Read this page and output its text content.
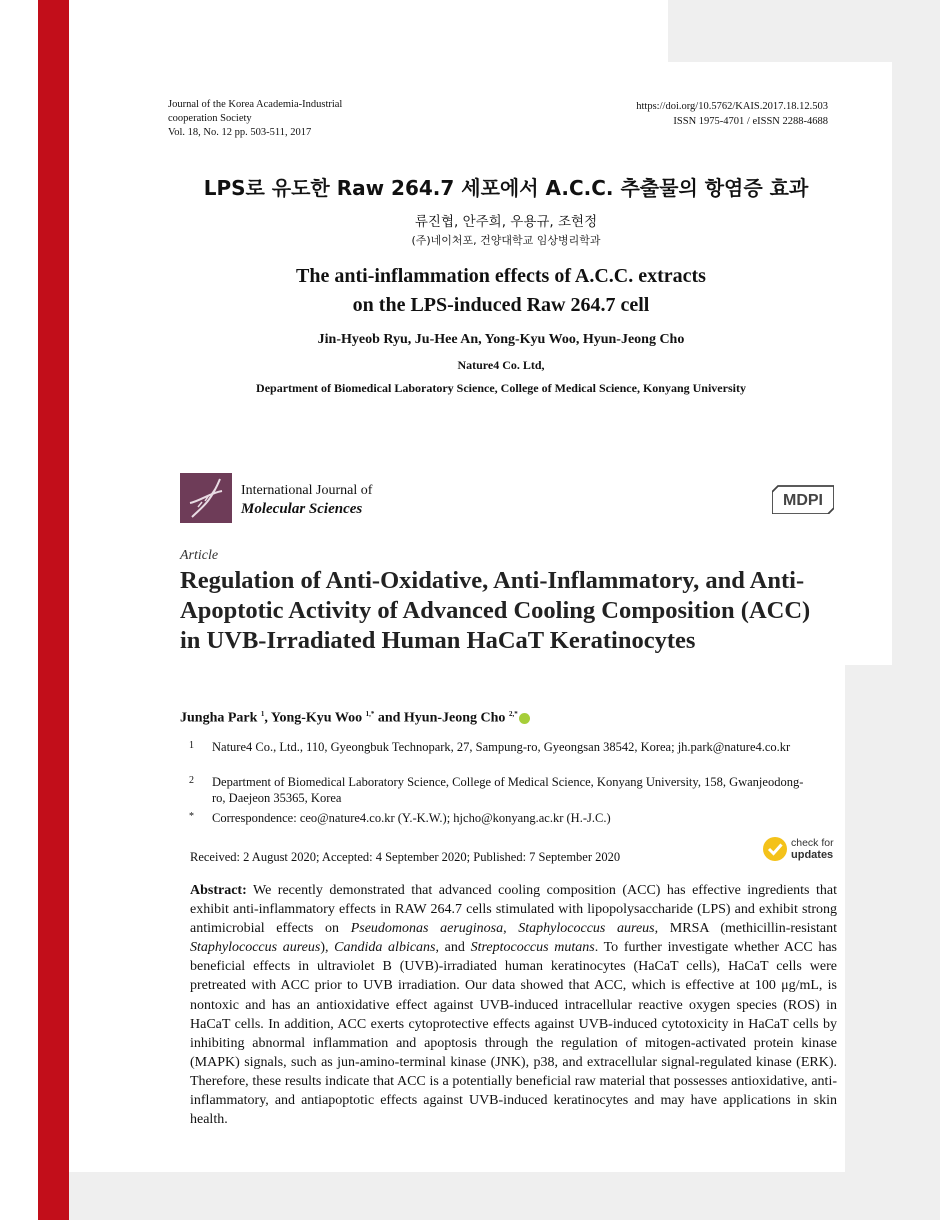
Journal of the Korea Academia-Industrial
cooperation Society
Vol. 18, No. 12 pp. 503-511, 2017
https://doi.org/10.5762/KAIS.2017.18.12.503
ISSN 1975-4701 / eISSN 2288-4688
LPS로 유도한 Raw 264.7 세포에서 A.C.C. 추출물의 항염증 효과
류진협, 안주희, 우용규, 조현정
(주)네이처포, 건양대학교 임상병리학과
The anti-inflammation effects of A.C.C. extracts
on the LPS-induced Raw 264.7 cell
Jin-Hyeob Ryu, Ju-Hee An, Yong-Kyu Woo, Hyun-Jeong Cho
Nature4 Co. Ltd,
Department of Biomedical Laboratory Science, College of Medical Science, Konyang University
International Journal of
Molecular Sciences	MDPI
Article
Regulation of Anti-Oxidative, Anti-Inflammatory, and Anti-Apoptotic Activity of Advanced Cooling Composition (ACC) in UVB-Irradiated Human HaCaT Keratinocytes
Jungha Park $^1$, Yong-Kyu Woo $^{1,*}$ and Hyun-Jeong Cho $^{2,*}$
1 Nature4 Co., Ltd., 110, Gyeongbuk Technopark, 27, Sampung-ro, Gyeongsan 38542, Korea; jh.park@nature4.co.kr
2 Department of Biomedical Laboratory Science, College of Medical Science, Konyang University, 158, Gwanjeodong-ro, Daejeon 35365, Korea
* Correspondence: ceo@nature4.co.kr (Y.-K.W.); hjcho@konyang.ac.kr (H.-J.C.)
Received: 2 August 2020; Accepted: 4 September 2020; Published: 7 September 2020
check for
updates
Abstract: We recently demonstrated that advanced cooling composition (ACC) has effective ingredients that exhibit anti-inflammatory effects in RAW 264.7 cells stimulated with lipopolysaccharide (LPS) and exhibit strong antimicrobial effects on Pseudomonas aeruginosa, Staphylococcus aureus, MRSA (methicillin-resistant Staphylococcus aureus), Candida albicans, and Streptococcus mutans. To further investigate whether ACC has beneficial effects in ultraviolet B (UVB)-irradiated human keratinocytes (HaCaT cells), HaCaT cells were pretreated with ACC prior to UVB irradiation. Our data showed that ACC, which is effective at 100 μg/mL, is nontoxic and has an antioxidative effect against UVB-induced intracellular reactive oxygen species (ROS) in HaCaT cells. In addition, ACC exerts cytoprotective effects against UVB-induced cytotoxicity in HaCaT cells by inhibiting abnormal inflammation and apoptosis through the regulation of mitogen-activated protein kinase (MAPK) signals, such as jun-amino-terminal kinase (JNK), p38, and extracellular signal-regulated kinase (ERK). Therefore, these results indicate that ACC is a potentially beneficial raw material that possesses antioxidative, anti-inflammatory, and antiapoptotic effects against UVB-induced keratinocytes and may have applications in skin health.
